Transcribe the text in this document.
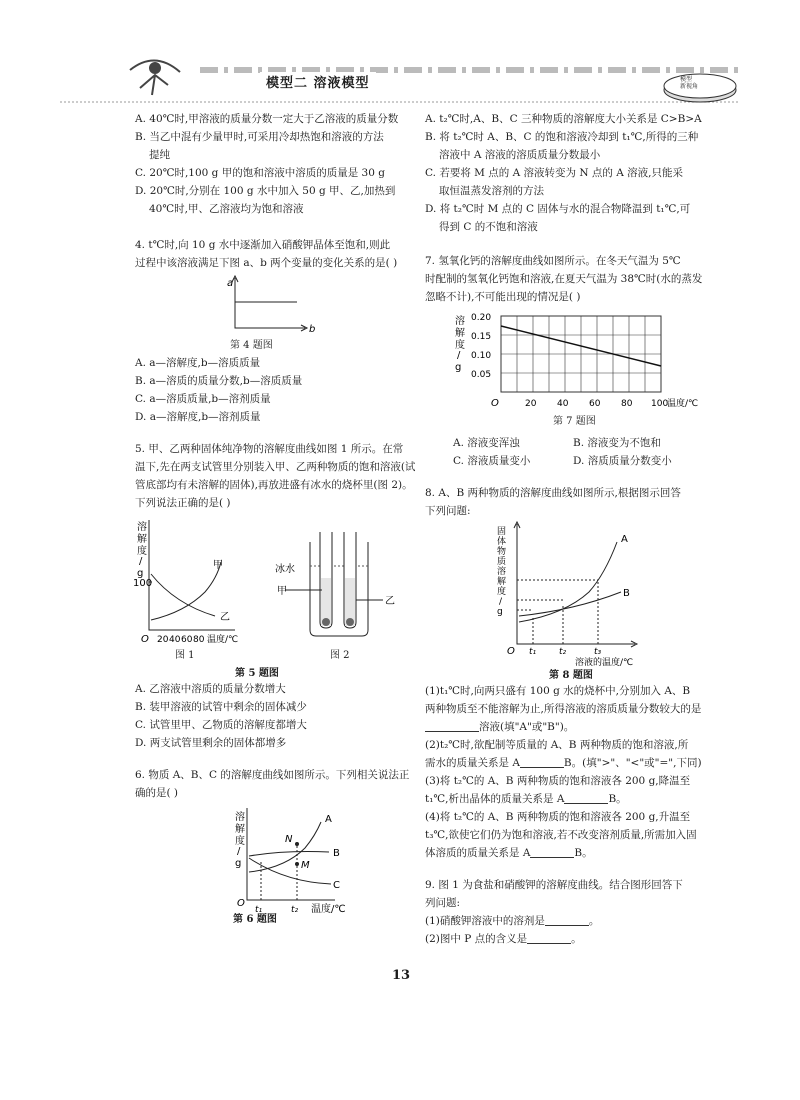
模型二 溶液模型	模型
新视角
A. 40℃时,甲溶液的质量分数一定大于乙溶液的质量分数
B. 当乙中混有少量甲时,可采用冷却热饱和溶液的方法
提纯
C. 20℃时,100 g 甲的饱和溶液中溶质的质量是 30 g
D. 20℃时,分别在 100 g 水中加入 50 g 甲、乙,加热到
40℃时,甲、乙溶液均为饱和溶液
4. t℃时,向 10 g 水中逐渐加入硝酸钾晶体至饱和,则此
过程中该溶液满足下图 a、b 两个变量的变化关系的是( )
a
b
第 4 题图
A. a—溶解度,b—溶质质量
B. a—溶质的质量分数,b—溶质质量
C. a—溶质质量,b—溶剂质量
D. a—溶解度,b—溶剂质量
5. 甲、乙两种固体纯净物的溶解度曲线如图 1 所示。在常
温下,先在两支试管里分别装入甲、乙两种物质的饱和溶液(试
管底部均有未溶解的固体),再放进盛有冰水的烧杯里(图 2)。
下列说法正确的是( )
溶
解
度
/
g
100
甲
乙
O 20 40 60 80 温度/℃
冰水
甲
乙
图 1	图 2
第 5 题图
A. 乙溶液中溶质的质量分数增大
B. 装甲溶液的试管中剩余的固体减少
C. 试管里甲、乙物质的溶解度都增大
D. 两支试管里剩余的固体都增多
6. 物质 A、B、C 的溶解度曲线如图所示。下列相关说法正
确的是( )
溶
解
度
/
g
A
B
C
N
M
O
t₁	t₂ 温度/℃
第 6 题图
A. t₂℃时,A、B、C 三种物质的溶解度大小关系是 C>B>A
B. 将 t₂℃时 A、B、C 的饱和溶液冷却到 t₁℃,所得的三种
溶液中 A 溶液的溶质质量分数最小
C. 若要将 M 点的 A 溶液转变为 N 点的 A 溶液,只能采
取恒温蒸发溶剂的方法
D. 将 t₂℃时 M 点的 C 固体与水的混合物降温到 t₁℃,可
得到 C 的不饱和溶液
7. 氢氧化钙的溶解度曲线如图所示。在冬天气温为 5℃
时配制的氢氧化钙饱和溶液,在夏天气温为 38℃时(水的蒸发
忽略不计),不可能出现的情况是( )
溶
解
度
/
g
0.20
0.15
0.10
0.05
O	20 40 60 80 100
温度/℃
第 7 题图
A. 溶液变浑浊	B. 溶液变为不饱和
C. 溶液质量变小	D. 溶质质量分数变小
8. A、B 两种物质的溶解度曲线如图所示,根据图示回答
下列问题:
固
体
物
质
溶
解
度
/
g
A
B
O t₁	t₂	t₃
溶液的温度/℃
第 8 题图
(1)t₁℃时,向两只盛有 100 g 水的烧杯中,分别加入 A、B
两种物质至不能溶解为止,所得溶液的溶质质量分数较大的是
溶液(填"A"或"B")。
(2)t₂℃时,欲配制等质量的 A、B 两种物质的饱和溶液,所
需水的质量关系是 A	B。(填">"、"<"或"=",下同)
(3)将 t₂℃的 A、B 两种物质的饱和溶液各 200 g,降温至
t₁℃,析出晶体的质量关系是 A	B。
(4)将 t₂℃的 A、B 两种物质的饱和溶液各 200 g,升温至
t₃℃,欲使它们仍为饱和溶液,若不改变溶剂质量,所需加入固
体溶质的质量关系是 A	B。
9. 图 1 为食盐和硝酸钾的溶解度曲线。结合图形回答下
列问题:
(1)硝酸钾溶液中的溶剂是	。
(2)图中 P 点的含义是	。
13
